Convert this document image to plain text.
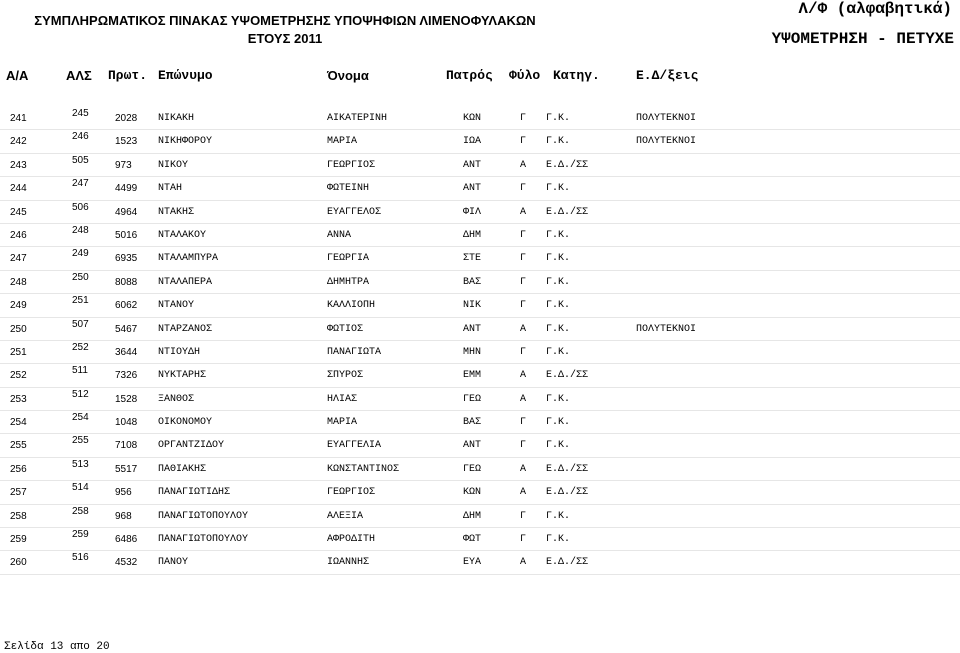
ΣΥΜΠΛΗΡΩΜΑΤΙΚΟΣ ΠΙΝΑΚΑΣ ΥΨΟΜΕΤΡΗΣΗΣ ΥΠΟΨΗΦΙΩΝ ΛΙΜΕΝΟΦΥΛΑΚΩΝ
ΕΤΟΥΣ 2011
Λ/Φ (αλφαβητικά)
ΥΨΟΜΕΤΡΗΣΗ - ΠΕΤΥΧΕ
Α/Α	ΑΛΣ Πρωτ. Επώνυμο	Όνομα	Πατρός Φύλο Κατηγ.	Ε.Δ/ξεις
241	245	2028 ΝΙΚΑΚΗ	ΑΙΚΑΤΕΡΙΝΗ	ΚΩΝ	Γ Γ.Κ.	ΠΟΛΥΤΕΚΝΟΙ
242	246	1523 ΝΙΚΗΦΟΡΟΥ	ΜΑΡΙΑ	ΙΩΑ	Γ Γ.Κ.	ΠΟΛΥΤΕΚΝΟΙ
243	505	973	ΝΙΚΟΥ	ΓΕΩΡΓΙΟΣ	ΑΝΤ	Α Ε.Δ./ΣΣ
244	247	4499 ΝΤΑΗ	ΦΩΤΕΙΝΗ	ΑΝΤ	Γ Γ.Κ.
245	506	4964 ΝΤΑΚΗΣ	ΕΥΑΓΓΕΛΟΣ	ΦΙΛ	Α Ε.Δ./ΣΣ
246	248	5016 ΝΤΑΛΑΚΟΥ	ΑΝΝΑ	ΔΗΜ	Γ Γ.Κ.
247	249	6935 ΝΤΑΛΑΜΠΥΡΑ	ΓΕΩΡΓΙΑ	ΣΤΕ	Γ Γ.Κ.
248	250	8088 ΝΤΑΛΑΠΕΡΑ	ΔΗΜΗΤΡΑ	ΒΑΣ	Γ Γ.Κ.
249	251	6062 ΝΤΑΝΟΥ	ΚΑΛΛΙΟΠΗ	ΝΙΚ	Γ Γ.Κ.
250	507	5467 ΝΤΑΡΖΑΝΟΣ	ΦΩΤΙΟΣ	ΑΝΤ	Α Γ.Κ.	ΠΟΛΥΤΕΚΝΟΙ
251	252	3644 ΝΤΙΟΥΔΗ	ΠΑΝΑΓΙΩΤΑ	ΜΗΝ	Γ Γ.Κ.
252	511	7326 ΝΥΚΤΑΡΗΣ	ΣΠΥΡΟΣ	ΕΜΜ	Α Ε.Δ./ΣΣ
253	512	1528 ΞΑΝΘΟΣ	ΗΛΙΑΣ	ΓΕΩ	Α Γ.Κ.
254	254	1048 ΟΙΚΟΝΟΜΟΥ	ΜΑΡΙΑ	ΒΑΣ	Γ Γ.Κ.
255	255	7108 ΟΡΓΑΝΤΖΙΔΟΥ	ΕΥΑΓΓΕΛΙΑ	ΑΝΤ	Γ Γ.Κ.
256	513	5517 ΠΑΘΙΑΚΗΣ	ΚΩΝΣΤΑΝΤΙΝΟΣ	ΓΕΩ	Α Ε.Δ./ΣΣ
257	514	956	ΠΑΝΑΓΙΩΤΙΔΗΣ	ΓΕΩΡΓΙΟΣ	ΚΩΝ	Α Ε.Δ./ΣΣ
258	258	968	ΠΑΝΑΓΙΩΤΟΠΟΥΛΟΥ	ΑΛΕΞΙΑ	ΔΗΜ	Γ Γ.Κ.
259	259	6486 ΠΑΝΑΓΙΩΤΟΠΟΥΛΟΥ	ΑΦΡΟΔΙΤΗ	ΦΩΤ	Γ Γ.Κ.
260	516	4532 ΠΑΝΟΥ	ΙΩΑΝΝΗΣ	ΕΥΑ	Α Ε.Δ./ΣΣ
Σελίδα 13 απο 20
